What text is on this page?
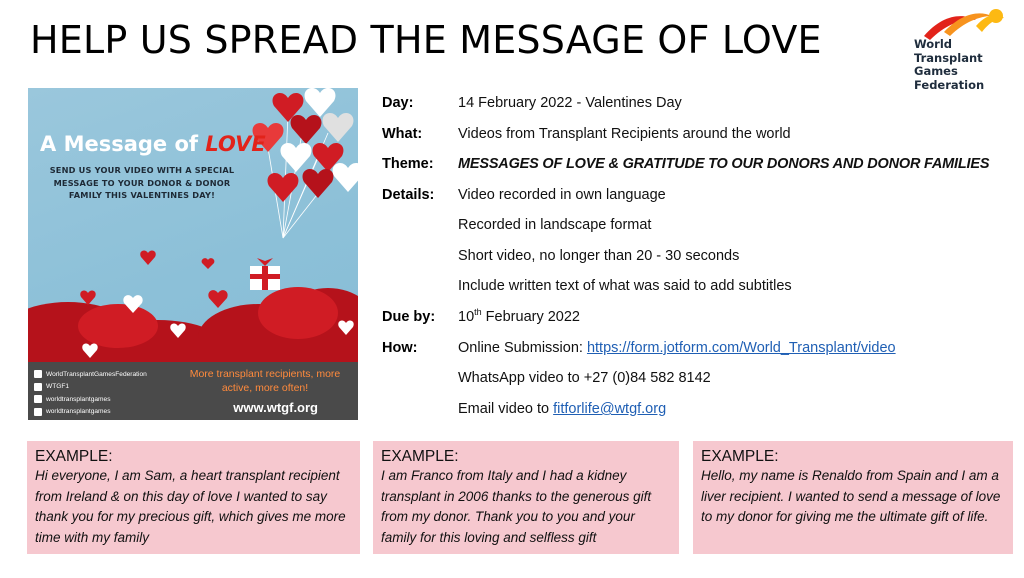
HELP US SPREAD THE MESSAGE OF LOVE	World
Transplant
Games
Federation
A Message of LOVE
SEND US YOUR VIDEO WITH A SPECIAL MESSAGE TO YOUR DONOR & DONOR FAMILY THIS VALENTINES DAY!
WorldTransplantGamesFederation
WTGF1
worldtransplantgames
worldtransplantgames
More transplant recipients, more active, more often!
www.wtgf.org
Day:	14 February 2022 - Valentines Day
What: Videos from Transplant Recipients around the world
Theme: MESSAGES OF LOVE & GRATITUDE TO OUR DONORS AND DONOR FAMILIES
Details: Video recorded in own language
Recorded in landscape format
Short video, no longer than 20 - 30 seconds
Include written text of what was said to add subtitles
Due by: 10th February 2022
How:	Online Submission: https://form.jotform.com/World_Transplant/video
WhatsApp video to +27 (0)84 582 8142
Email video to fitforlife@wtgf.org
EXAMPLE:
Hi everyone, I am Sam, a heart transplant recipient from Ireland & on this day of love I wanted to say thank you for my precious gift, which gives me more time with my family
EXAMPLE:
I am Franco from Italy and I had a kidney transplant in 2006 thanks to the generous gift from my donor. Thank you to you and your family for this loving and selfless gift
EXAMPLE:
Hello, my name is Renaldo from Spain and I am a liver recipient. I wanted to send a message of love to my donor for giving me the ultimate gift of life.
